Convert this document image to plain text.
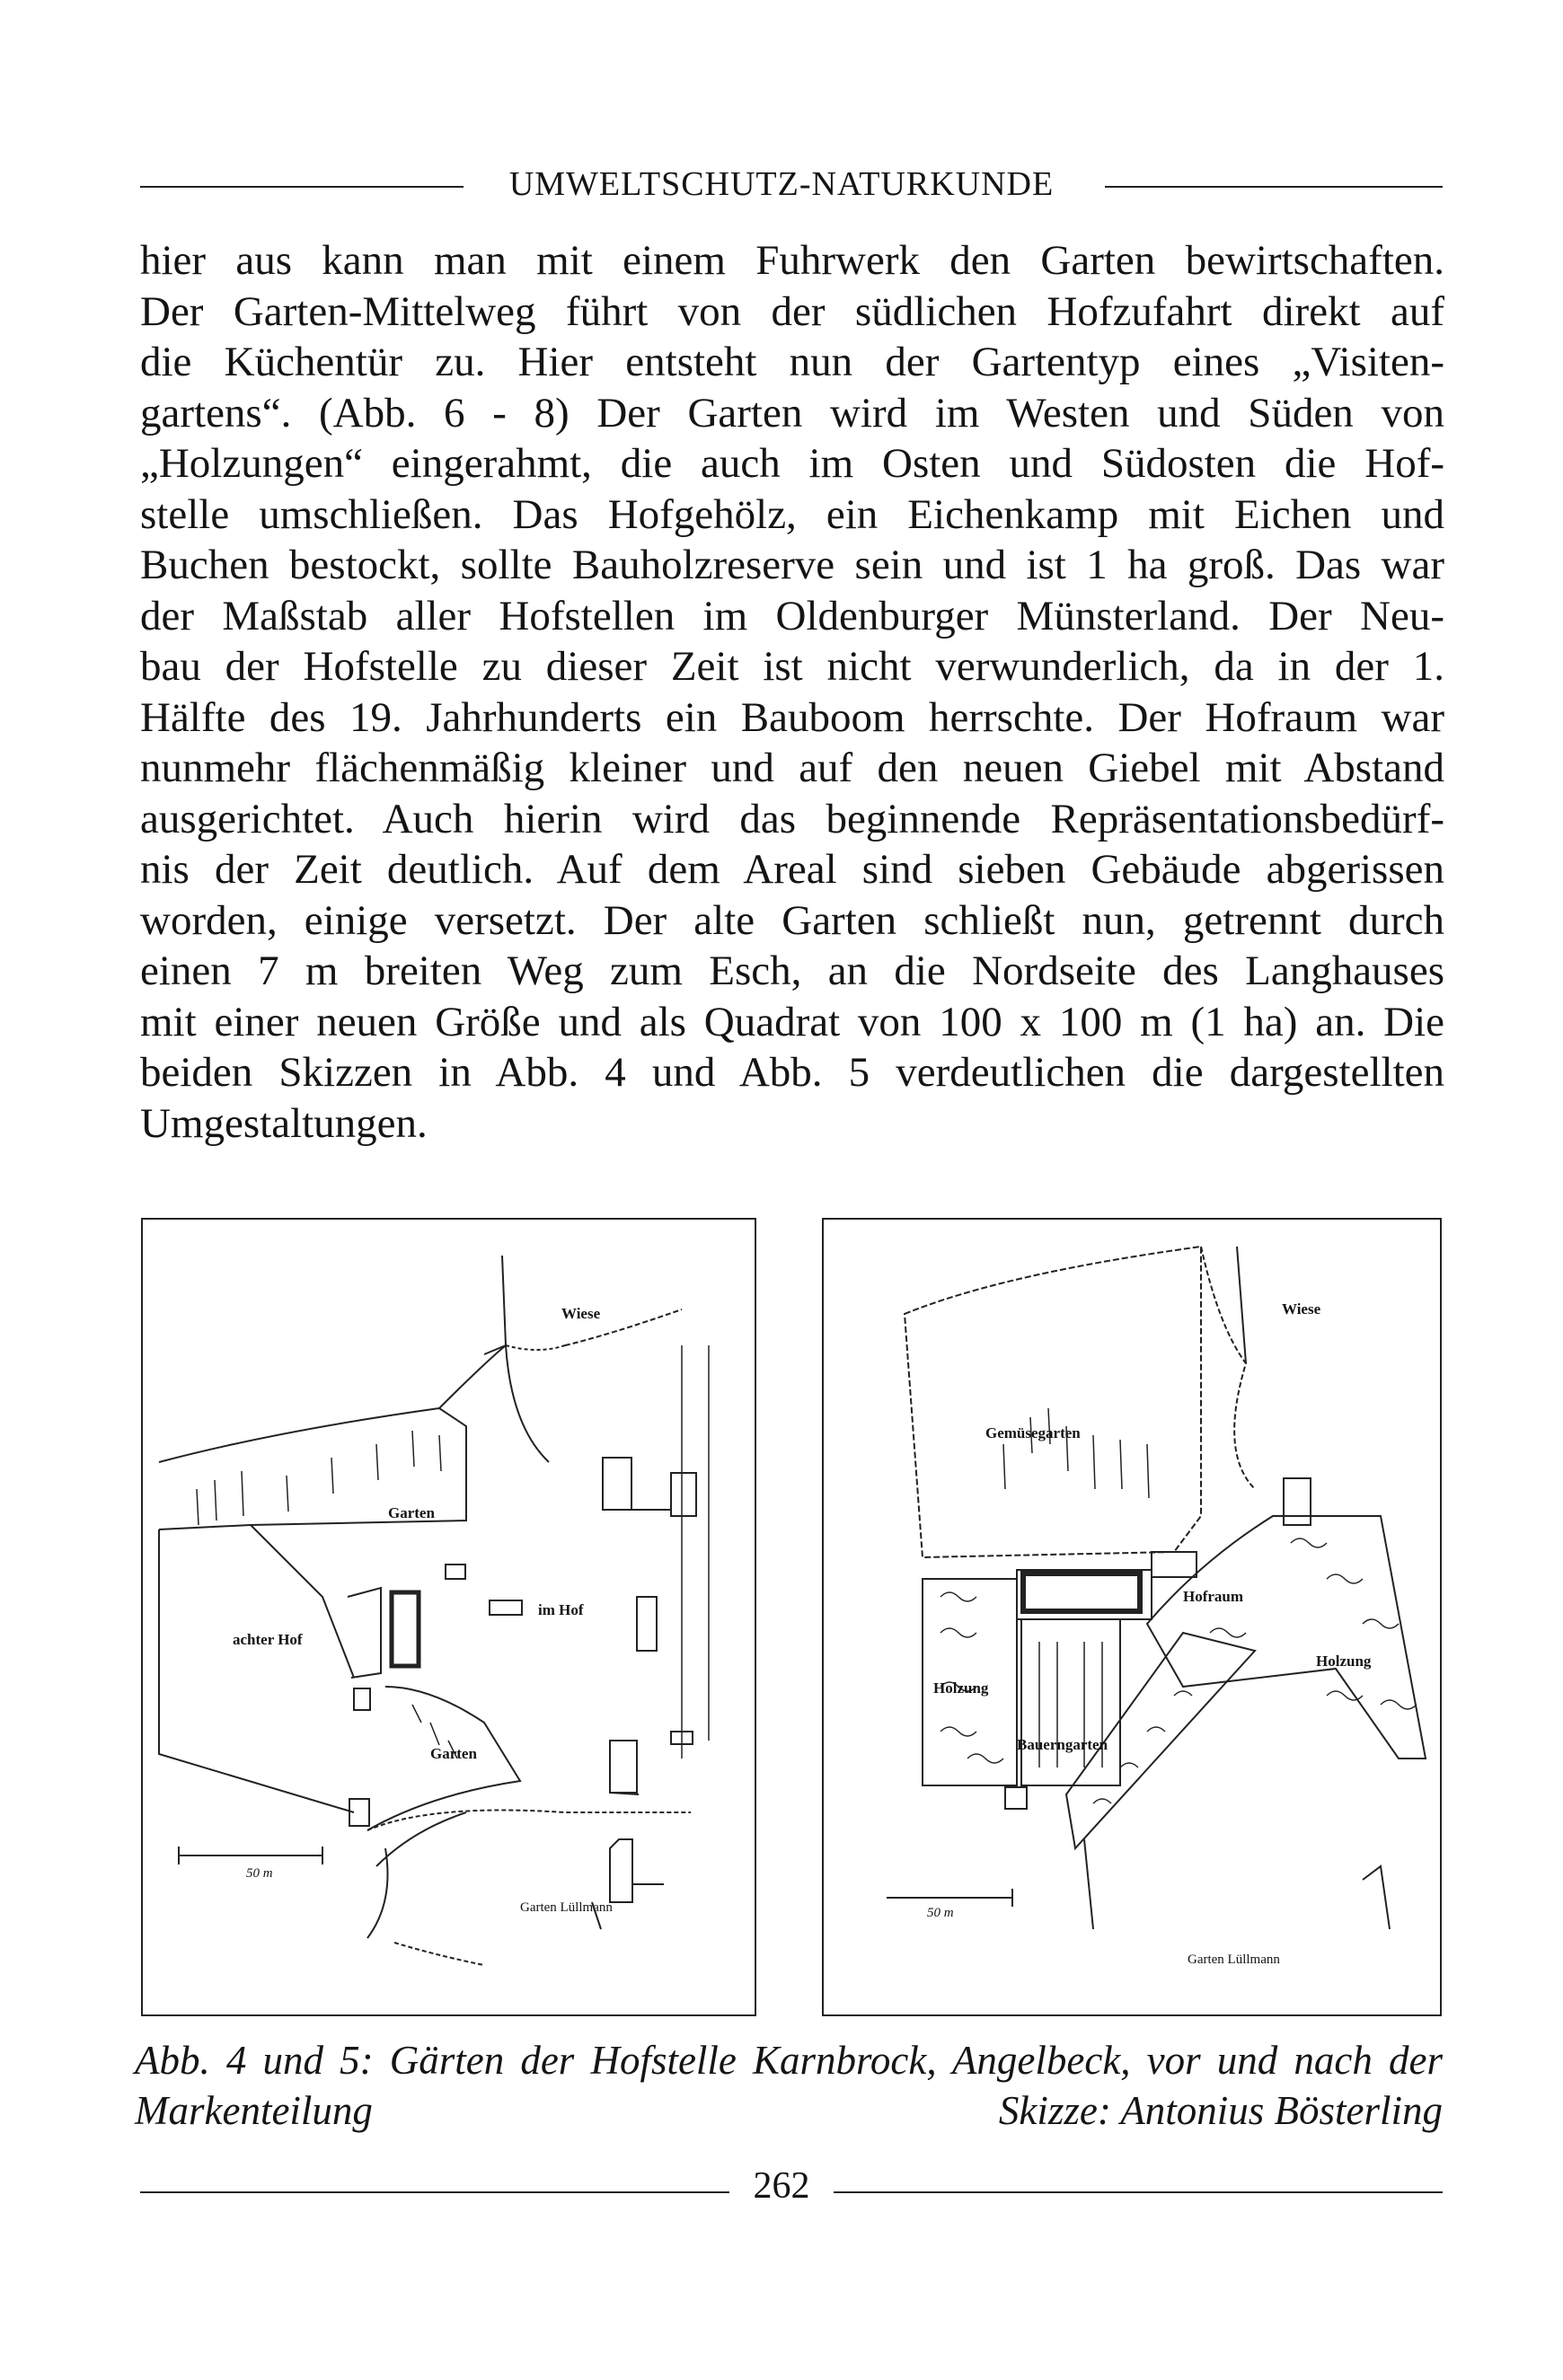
UMWELTSCHUTZ-NATURKUNDE
hier aus kann man mit einem Fuhrwerk den Garten bewirtschaften.
Der Garten-Mittelweg führt von der südlichen Hofzufahrt direkt auf
die Küchentür zu. Hier entsteht nun der Gartentyp eines „Visiten-
gartens“. (Abb. 6 - 8) Der Garten wird im Westen und Süden von
„Holzungen“ eingerahmt, die auch im Osten und Südosten die Hof-
stelle umschließen. Das Hofgehölz, ein Eichenkamp mit Eichen und
Buchen bestockt, sollte Bauholzreserve sein und ist 1 ha groß. Das war
der Maßstab aller Hofstellen im Oldenburger Münsterland. Der Neu-
bau der Hofstelle zu dieser Zeit ist nicht verwunderlich, da in der 1.
Hälfte des 19. Jahrhunderts ein Bauboom herrschte. Der Hofraum war
nunmehr flächenmäßig kleiner und auf den neuen Giebel mit Abstand
ausgerichtet. Auch hierin wird das beginnende Repräsentationsbedürf-
nis der Zeit deutlich. Auf dem Areal sind sieben Gebäude abgerissen
worden, einige versetzt. Der alte Garten schließt nun, getrennt durch
einen 7 m breiten Weg zum Esch, an die Nordseite des Langhauses
mit einer neuen Größe und als Quadrat von 100 x 100 m (1 ha) an. Die
beiden Skizzen in Abb. 4 und Abb. 5 verdeutlichen die dargestellten
Umgestaltungen.
Wiese
Garten
achter Hof
im Hof
Garten
Garten Lüllmann
50 m
Wiese
Gemüsegarten
Hofraum
Holzung
Holzung
Bauerngarten
Garten Lüllmann
50 m
Abb. 4 und 5: Gärten der Hofstelle Karnbrock, Angelbeck, vor und nach der
Markenteilung	Skizze: Antonius Bösterling
262
